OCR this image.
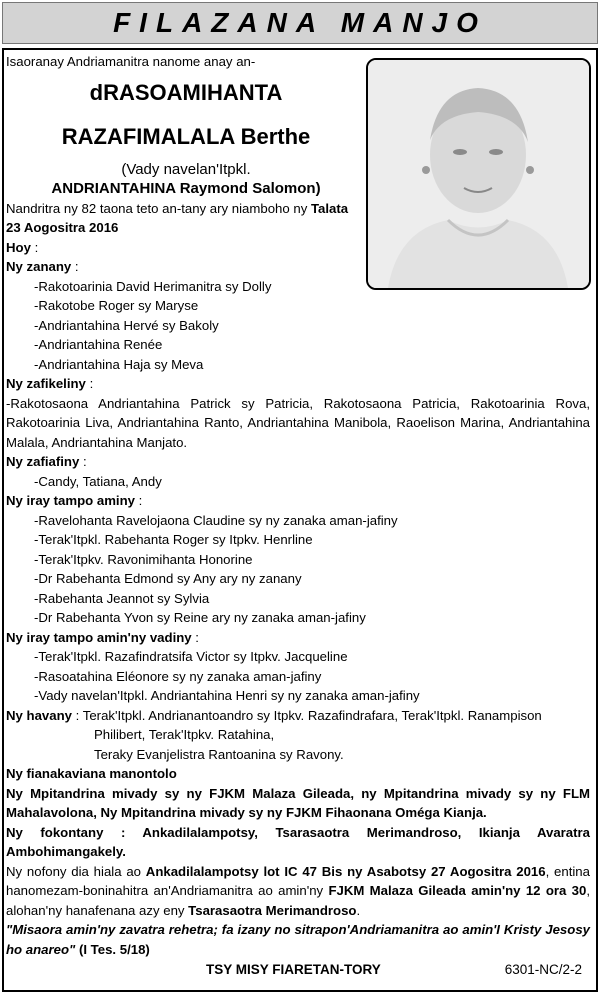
FILAZANA MANJO
Isaoranay Andriamanitra nanome anay an-
dRASOAMIHANTA
RAZAFIMALALA Berthe
(Vady navelan'Itpkl.
ANDRIANTAHINA Raymond Salomon)
Nandritra ny 82 taona teto an-tany ary niamboho ny Talata
23 Aogositra 2016
Hoy :
Ny zanany :
-Rakotoarinia David Herimanitra sy Dolly
-Rakotobe Roger sy Maryse
-Andriantahina Hervé sy Bakoly
-Andriantahina Renée
-Andriantahina Haja sy Meva
Ny zafikeliny :
-Rakotosaona Andriantahina Patrick sy Patricia, Rakotosaona Patricia, Rakotoarinia Rova, Rakotoarinia Liva, Andriantahina Ranto, Andriantahina Manibola, Raoelison Marina, Andriantahina Malala, Andriantahina Manjato.
Ny zafiafiny :
-Candy, Tatiana, Andy
Ny iray tampo aminy :
-Ravelohanta Ravelojaona Claudine sy ny zanaka aman-jafiny
-Terak'Itpkl. Rabehanta Roger sy Itpkv. Henrline
-Terak'Itpkv. Ravonimihanta Honorine
-Dr Rabehanta Edmond sy Any ary ny zanany
-Rabehanta Jeannot sy Sylvia
-Dr Rabehanta Yvon sy Reine ary ny zanaka aman-jafiny
Ny iray tampo amin'ny vadiny :
-Terak'Itpkl. Razafindratsifa Victor sy Itpkv. Jacqueline
-Rasoatahina Eléonore sy ny zanaka aman-jafiny
-Vady navelan'Itpkl. Andriantahina Henri sy ny zanaka aman-jafiny
Ny havany : Terak'Itpkl. Andrianantoandro sy Itpkv. Razafindrafara, Terak'Itpkl. Ranampison
Philibert, Terak'Itpkv. Ratahina,
Teraky Evanjelistra Rantoanina sy Ravony.
Ny fianakaviana manontolo
Ny Mpitandrina mivady sy ny FJKM Malaza Gileada, ny Mpitandrina mivady sy ny FLM Mahalavolona, Ny Mpitandrina mivady sy ny FJKM Fihaonana Oméga Kianja.
Ny fokontany : Ankadilalampotsy, Tsarasaotra Merimandroso, Ikianja Avaratra Ambohimangakely.
Ny nofony dia hiala ao Ankadilalampotsy lot IC 47 Bis ny Asabotsy 27 Aogositra 2016, entina hanomezam-boninahitra an'Andriamanitra ao amin'ny FJKM Malaza Gileada amin'ny 12 ora 30, alohan'ny hanafenana azy eny Tsarasaotra Merimandroso.
"Misaora amin'ny zavatra rehetra; fa izany no sitrapon'Andriamanitra ao amin'I Kristy Jesosy ho anareo" (I Tes. 5/18)
TSY MISY FIARETAN-TORY	6301-NC/2-2
